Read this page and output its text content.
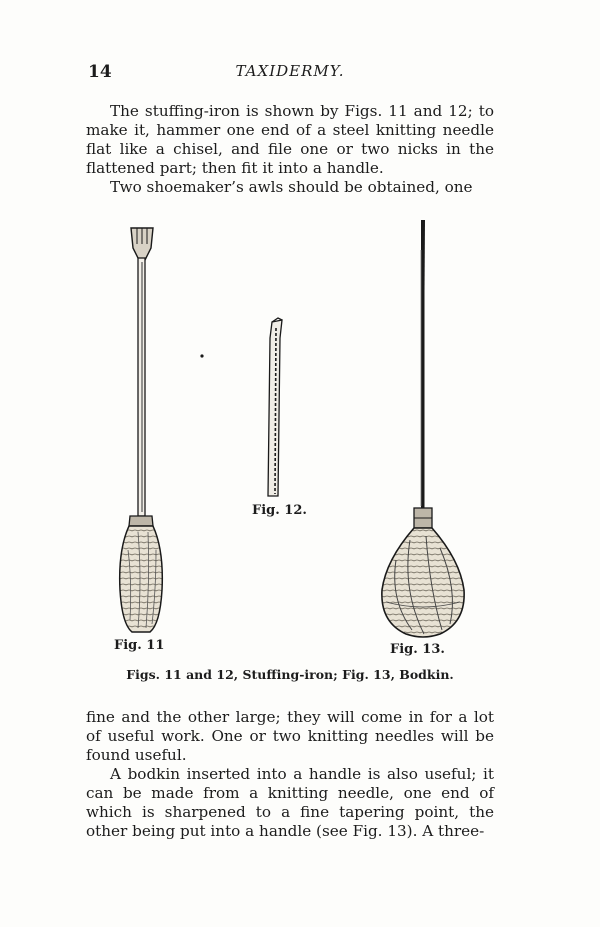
14	TAXIDERMY.

The stuffing-iron is shown by Figs. 11 and 12; to make it, hammer one end of a steel knitting needle flat like a chisel, and file one or two nicks in the flattened part; then fit it into a handle.

Two shoemaker’s awls should be obtained, one

Fig. 11
Fig. 12.
Fig. 13.
Figs. 11 and 12, Stuffing-iron; Fig. 13, Bodkin.

fine and the other large; they will come in for a lot of useful work. One or two knitting needles will be found useful.

A bodkin inserted into a handle is also useful; it can be made from a knitting needle, one end of which is sharpened to a fine tapering point, the other being put into a handle (see Fig. 13). A three-
